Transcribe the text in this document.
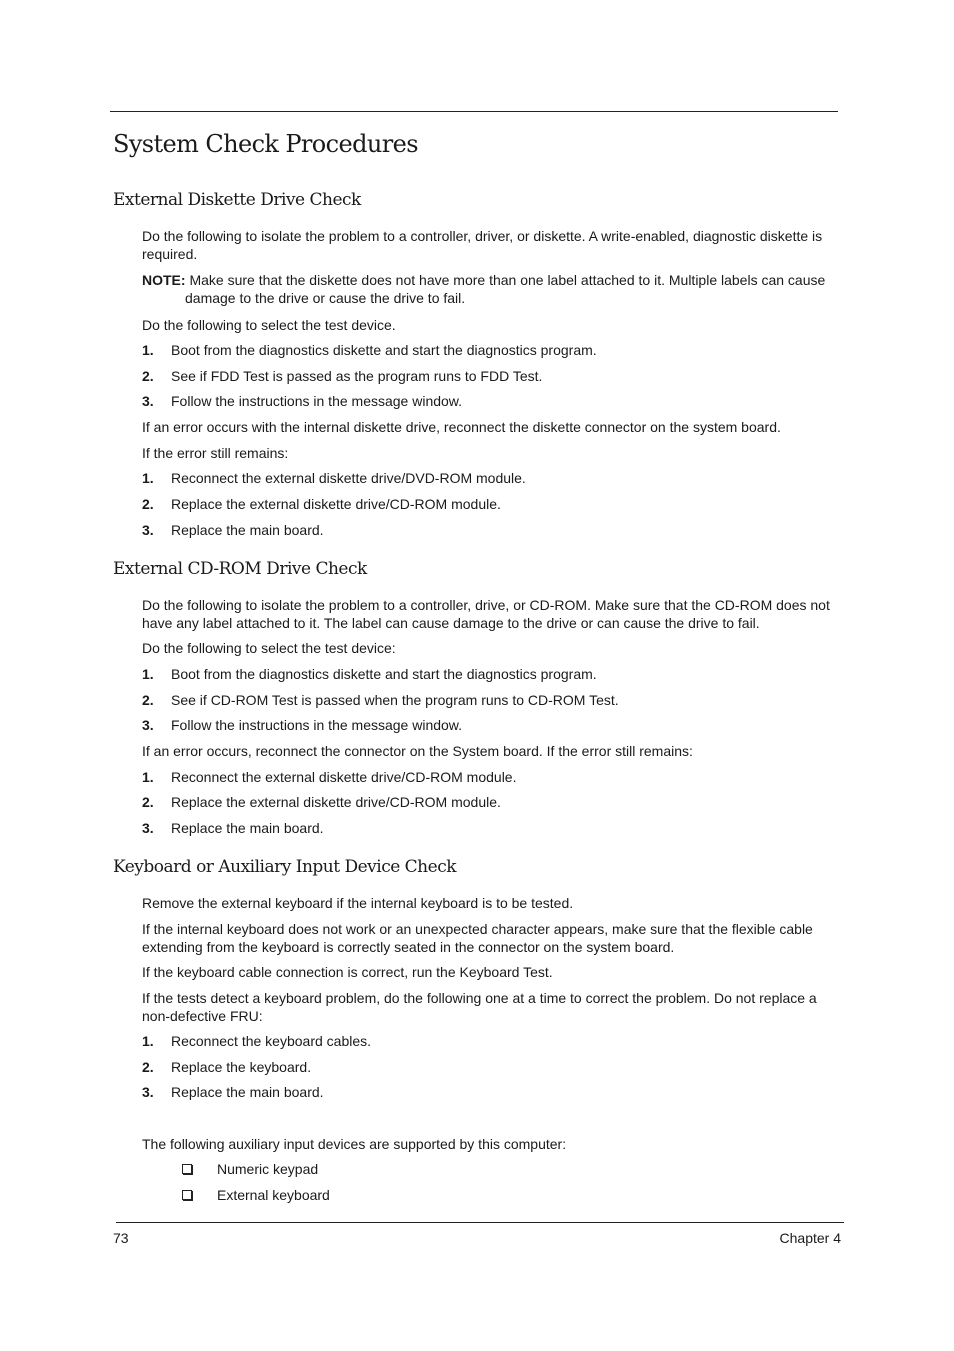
System Check Procedures
External Diskette Drive Check

Do the following to isolate the problem to a controller, driver, or diskette. A write-enabled, diagnostic diskette is required.

NOTE: Make sure that the diskette does not have more than one label attached to it. Multiple labels can cause
damage to the drive or cause the drive to fail.

Do the following to select the test device.

1. Boot from the diagnostics diskette and start the diagnostics program.
2. See if FDD Test is passed as the program runs to FDD Test.
3. Follow the instructions in the message window.

If an error occurs with the internal diskette drive, reconnect the diskette connector on the system board.

If the error still remains:

1. Reconnect the external diskette drive/DVD-ROM module.
2. Replace the external diskette drive/CD-ROM module.
3. Replace the main board.
External CD-ROM Drive Check

Do the following to isolate the problem to a controller, drive, or CD-ROM. Make sure that the CD-ROM does not have any label attached to it. The label can cause damage to the drive or can cause the drive to fail.

Do the following to select the test device:

1. Boot from the diagnostics diskette and start the diagnostics program.
2. See if CD-ROM Test is passed when the program runs to CD-ROM Test.
3. Follow the instructions in the message window.

If an error occurs, reconnect the connector on the System board. If the error still remains:

1. Reconnect the external diskette drive/CD-ROM module.
2. Replace the external diskette drive/CD-ROM module.
3. Replace the main board.
Keyboard or Auxiliary Input Device Check

Remove the external keyboard if the internal keyboard is to be tested.

If the internal keyboard does not work or an unexpected character appears, make sure that the flexible cable extending from the keyboard is correctly seated in the connector on the system board.

If the keyboard cable connection is correct, run the Keyboard Test.

If the tests detect a keyboard problem, do the following one at a time to correct the problem. Do not replace a non-defective FRU:

1. Reconnect the keyboard cables.
2. Replace the keyboard.
3. Replace the main board.

The following auxiliary input devices are supported by this computer:

Numeric keypad
External keyboard
73	Chapter 4
